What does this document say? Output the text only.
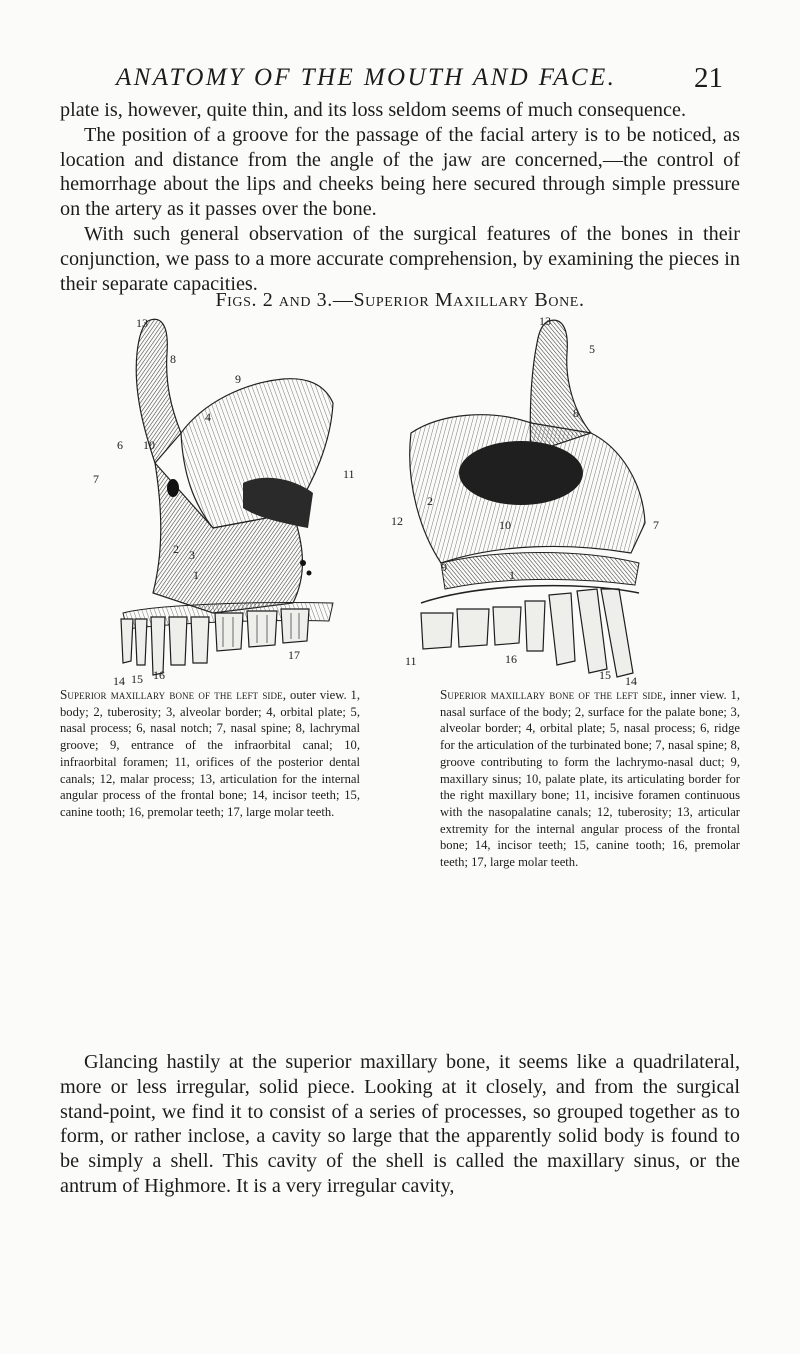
ANATOMY OF THE MOUTH AND FACE.	21

plate is, however, quite thin, and its loss seldom seems of much consequence.

The position of a groove for the passage of the facial artery is to be noticed, as location and distance from the angle of the jaw are concerned,—the control of hemorrhage about the lips and cheeks being here secured through simple pressure on the artery as it passes over the bone.

With such general observation of the surgical features of the bones in their conjunction, we pass to a more accurate comprehension, by examining the pieces in their separate capacities.

Figs. 2 and 3.—Superior Maxillary Bone.
13
8
9
4
6 10
7	11
2 3
1
14 15 16
17
13
5
8
2
12	10	7
9
1
11	16
15 14

Superior maxillary bone of the left side, outer view. 1, body; 2, tuberosity; 3, alveolar border; 4, orbital plate; 5, nasal process; 6, nasal notch; 7, nasal spine; 8, lachrymal groove; 9, entrance of the infraorbital canal; 10, infraorbital foramen; 11, orifices of the posterior dental canals; 12, malar process; 13, articulation for the internal angular process of the frontal bone; 14, incisor teeth; 15, canine tooth; 16, premolar teeth; 17, large molar teeth.

Superior maxillary bone of the left side, inner view. 1, nasal surface of the body; 2, surface for the palate bone; 3, alveolar border; 4, orbital plate; 5, nasal process; 6, ridge for the articulation of the turbinated bone; 7, nasal spine; 8, groove contributing to form the lachrymo-nasal duct; 9, maxillary sinus; 10, palate plate, its articulating border for the right maxillary bone; 11, incisive foramen continuous with the nasopalatine canals; 12, tuberosity; 13, articular extremity for the internal angular process of the frontal bone; 14, incisor teeth; 15, canine tooth; 16, premolar teeth; 17, large molar teeth.

Glancing hastily at the superior maxillary bone, it seems like a quadrilateral, more or less irregular, solid piece. Looking at it closely, and from the surgical stand-point, we find it to consist of a series of processes, so grouped together as to form, or rather inclose, a cavity so large that the apparently solid body is found to be simply a shell. This cavity of the shell is called the maxillary sinus, or the antrum of Highmore. It is a very irregular cavity,
